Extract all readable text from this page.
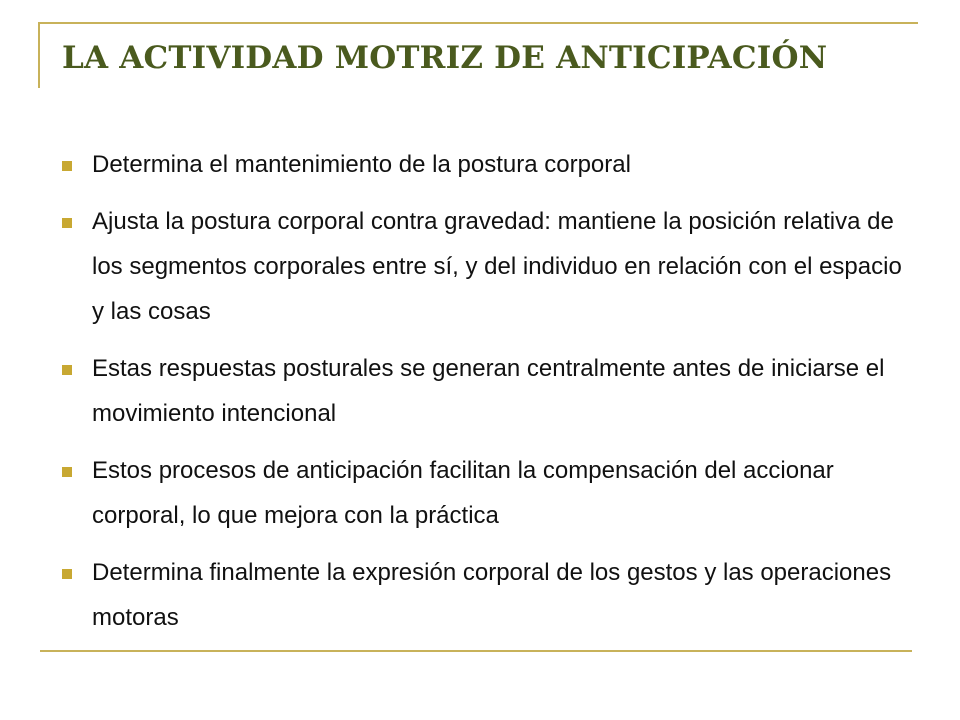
LA ACTIVIDAD MOTRIZ DE ANTICIPACIÓN
Determina el mantenimiento de la postura corporal
Ajusta la postura corporal contra gravedad: mantiene la posición relativa de los segmentos corporales entre sí, y del individuo en relación con el espacio y las cosas
Estas respuestas posturales se generan centralmente antes de iniciarse el movimiento intencional
Estos procesos de anticipación facilitan la compensación del accionar corporal, lo que mejora con la práctica
Determina finalmente la expresión corporal de los gestos y las operaciones motoras
